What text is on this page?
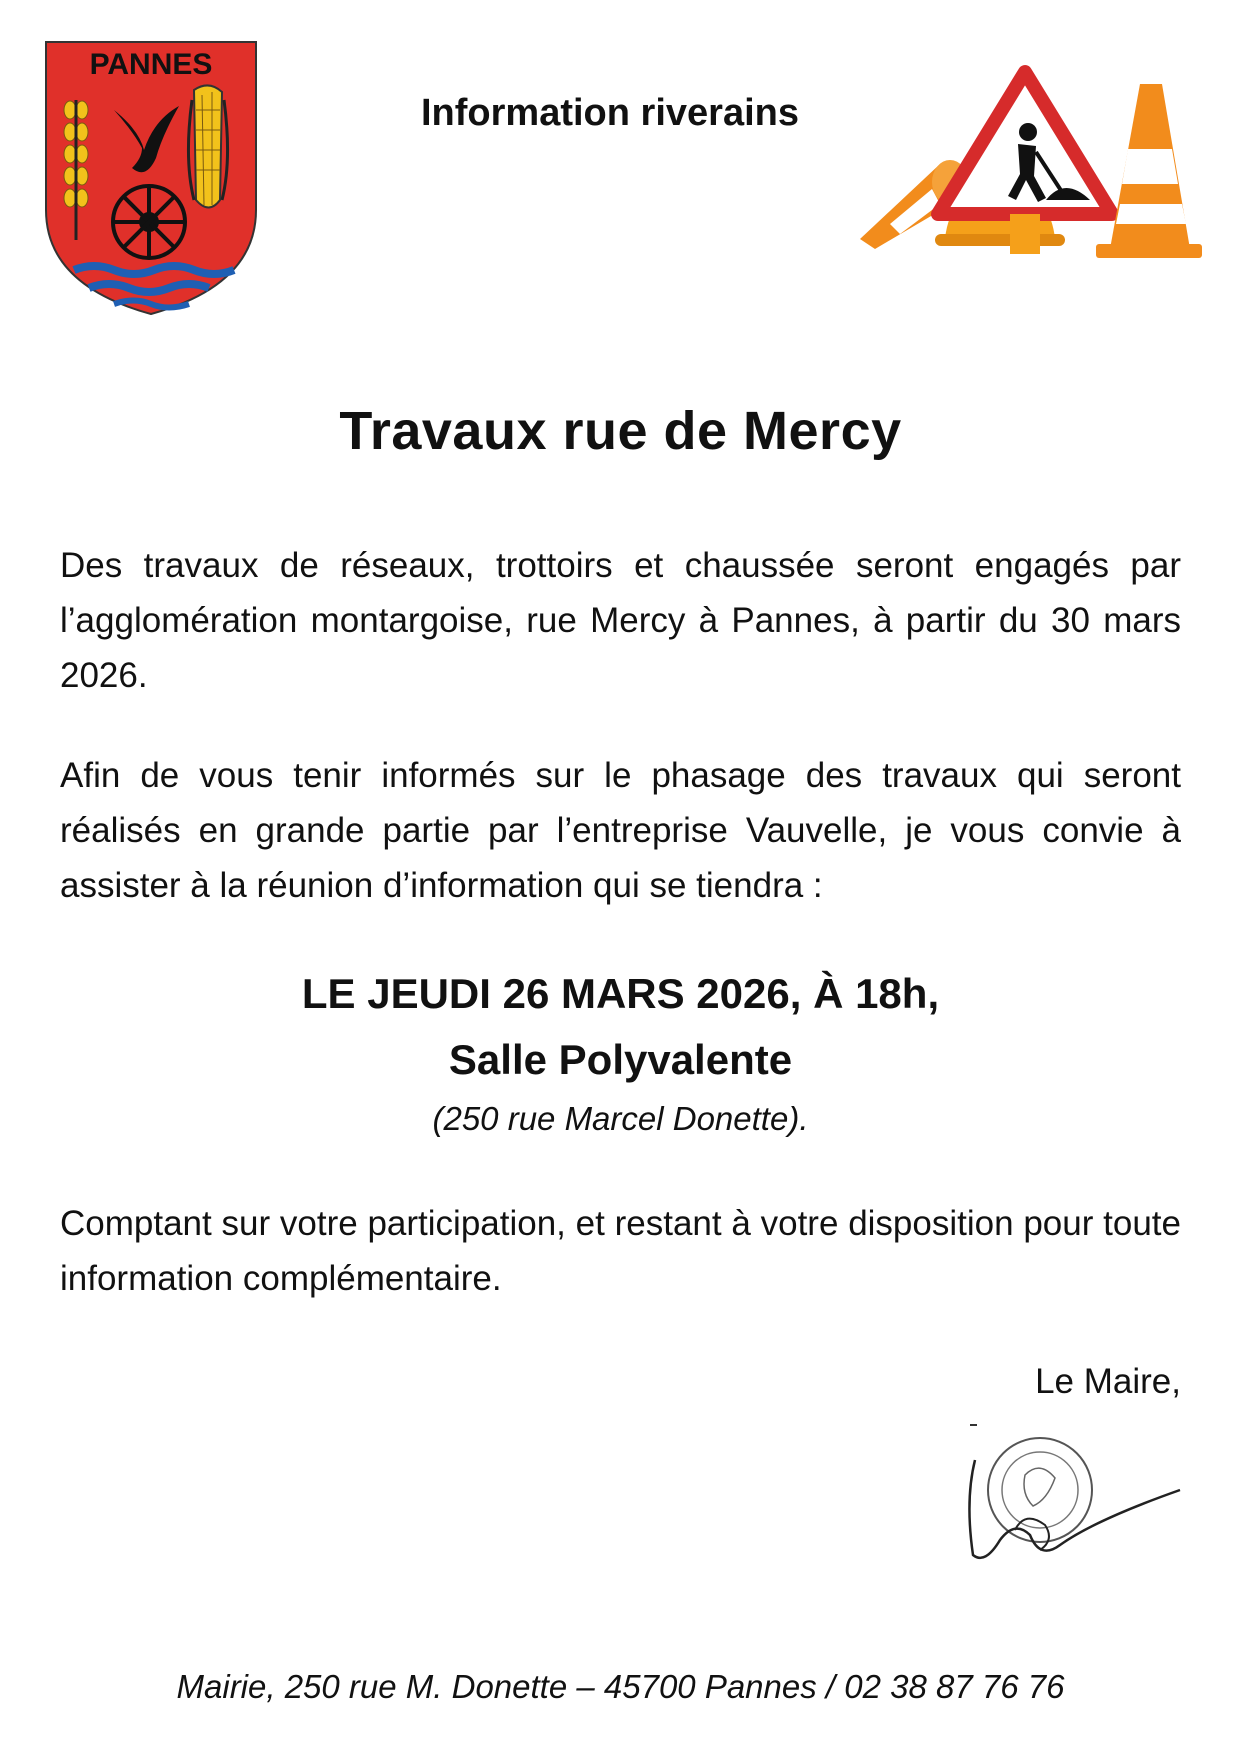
PANNES
Information riverains
Travaux rue de Mercy
Des travaux de réseaux, trottoirs et chaussée seront engagés par l’agglomération montargoise, rue Mercy à Pannes, à partir du 30 mars 2026.
Afin de vous tenir informés sur le phasage des travaux qui seront réalisés en grande partie par l’entreprise Vauvelle, je vous convie à assister à la réunion d’information qui se tiendra :
LE JEUDI 26 MARS 2026, À 18h,
Salle Polyvalente
(250 rue Marcel Donette).
Comptant sur votre participation, et restant à votre disposition pour toute information complémentaire.
Le Maire,
Mairie, 250 rue M. Donette – 45700 Pannes / 02 38 87 76 76
